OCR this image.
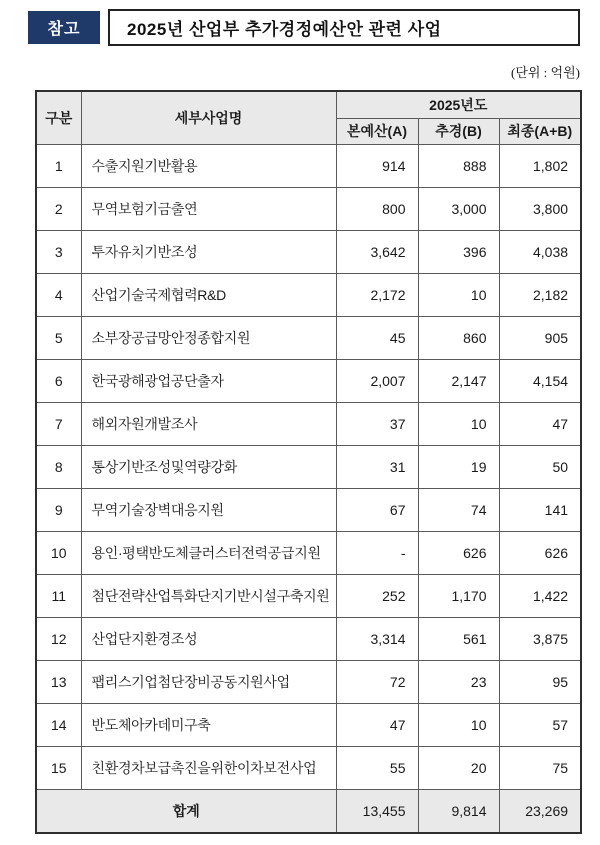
참고	2025년 산업부 추가경정예산안 관련 사업
(단위 : 억원)
구분	세부사업명	2025년도		
		본예산(A)	추경(B)	최종(A+B)
1	수출지원기반활용	914	888	1,802
2	무역보험기금출연	800	3,000	3,800
3	투자유치기반조성	3,642	396	4,038
4	산업기술국제협력R&D	2,172	10	2,182
5	소부장공급망안정종합지원	45	860	905
6	한국광해광업공단출자	2,007	2,147	4,154
7	해외자원개발조사	37	10	47
8	통상기반조성및역량강화	31	19	50
9	무역기술장벽대응지원	67	74	141
10	용인·평택반도체클러스터전력공급지원	-	626	626
11	첨단전략산업특화단지기반시설구축지원	252	1,170	1,422
12	산업단지환경조성	3,314	561	3,875
13	팹리스기업첨단장비공동지원사업	72	23	95
14	반도체아카데미구축	47	10	57
15	친환경차보급촉진을위한이차보전사업	55	20	75
합계		13,455	9,814	23,269
